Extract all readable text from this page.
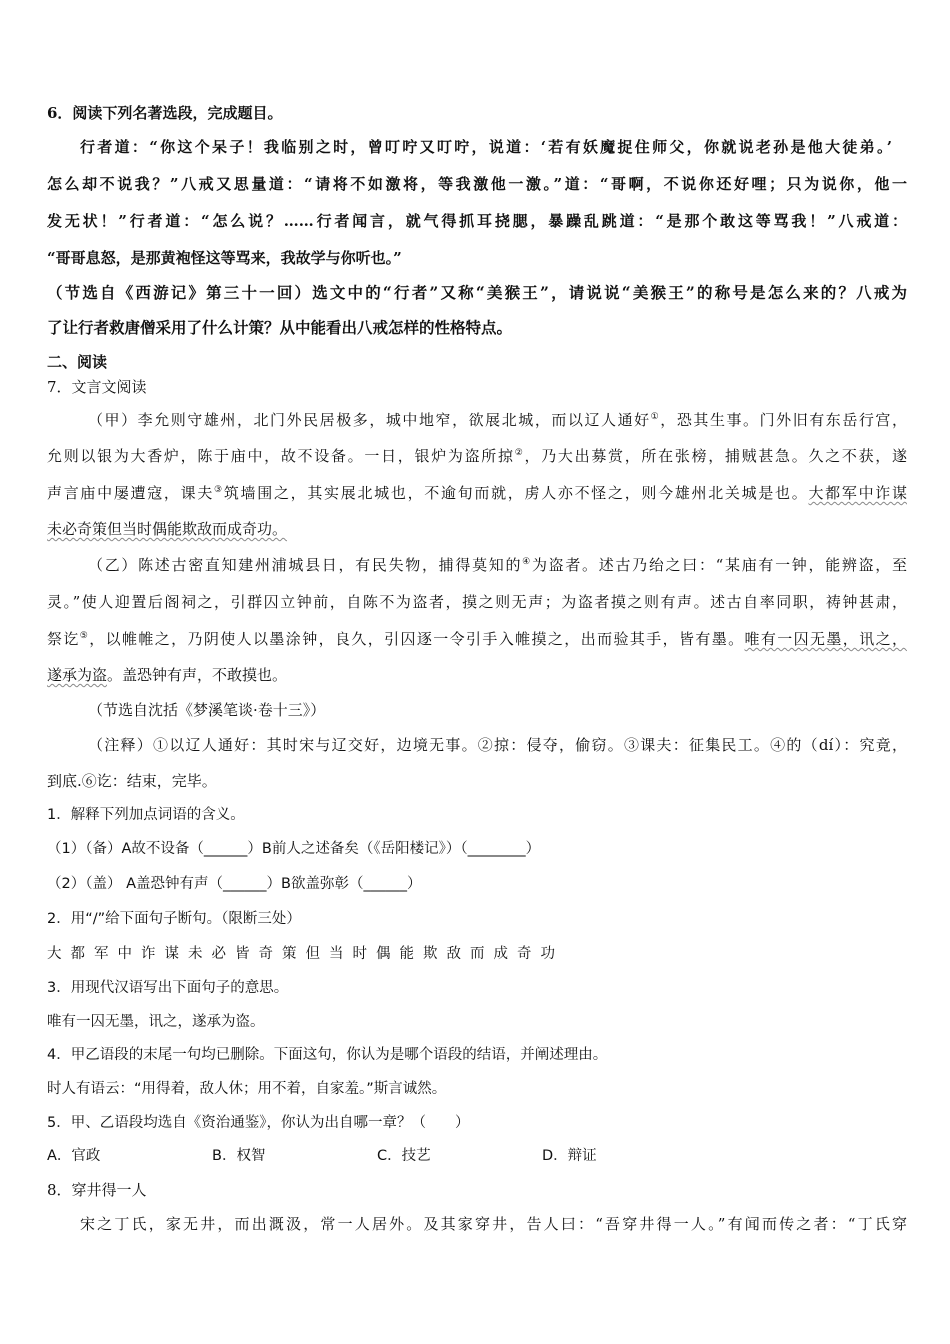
6．阅读下列名著选段，完成题目。
行者道：“你这个呆子！我临别之时，曾叮咛又叮咛，说道：‘若有妖魔捉住师父，你就说老孙是他大徒弟。’
怎么却不说我？”八戒又思量道：“请将不如激将，等我激他一激。”道：“哥啊，不说你还好哩；只为说你，他一
发无状！”行者道：“怎么说？……行者闻言，就气得抓耳挠腮，暴躁乱跳道：“是那个敢这等骂我！”八戒道：
“哥哥息怒，是那黄袍怪这等骂来，我故学与你听也。”
（节选自《西游记》第三十一回）选文中的“行者”又称“美猴王”，请说说“美猴王”的称号是怎么来的？八戒为
了让行者救唐僧采用了什么计策？从中能看出八戒怎样的性格特点。
二、阅读
7．文言文阅读
（甲）李允则守雄州，北门外民居极多，城中地窄，欲展北城，而以辽人通好①，恐其生事。门外旧有东岳行宫，
允则以银为大香炉，陈于庙中，故不设备。一日，银炉为盗所掠②，乃大出募赏，所在张榜，捕贼甚急。久之不获，遂
声言庙中屡遭寇，课夫③筑墙围之，其实展北城也，不逾旬而就，虏人亦不怪之，则今雄州北关城是也。大都军中诈谋
未必奇策但当时偶能欺敌而成奇功。
（乙）陈述古密直知建州浦城县日，有民失物，捕得莫知的④为盗者。述古乃绐之曰：“某庙有一钟，能辨盗，至
灵。”使人迎置后阁祠之，引群囚立钟前，自陈不为盗者，摸之则无声；为盗者摸之则有声。述古自率同职，祷钟甚肃，
祭讫⑤，以帷帷之，乃阴使人以墨涂钟，良久，引囚逐一令引手入帷摸之，出而验其手，皆有墨。唯有一囚无墨，讯之，
遂承为盗。盖恐钟有声，不敢摸也。
（节选自沈括《梦溪笔谈·卷十三》）
（注释）①以辽人通好：其时宋与辽交好，边境无事。②掠：侵夺，偷窃。③课夫：征集民工。④的（dí）：究竟，
到底.⑥讫：结束，完毕。
1．解释下列加点词语的含义。
（1）（备）A故不设备（______）B前人之述备矣（《岳阳楼记》）（________）
（2）（盖） A盖恐钟有声（______）B欲盖弥彰（______）
2．用“/”给下面句子断句。（限断三处）
大都军中诈谋未必皆奇策但当时偶能欺敌而成奇功
3．用现代汉语写出下面句子的意思。
唯有一囚无墨，讯之，遂承为盗。
4．甲乙语段的末尾一句均已删除。下面这句，你认为是哪个语段的结语，并阐述理由。
时人有语云：“用得着，敌人休；用不着，自家羞。”斯言诚然。
5．甲、乙语段均选自《资治通鉴》，你认为出自哪一章？（　　）
A．官政	B．权智	C．技艺	D．辩证
8．穿井得一人
宋之丁氏，家无井，而出溉汲，常一人居外。及其家穿井，告人曰：“吾穿井得一人。”有闻而传之者：“丁氏穿
